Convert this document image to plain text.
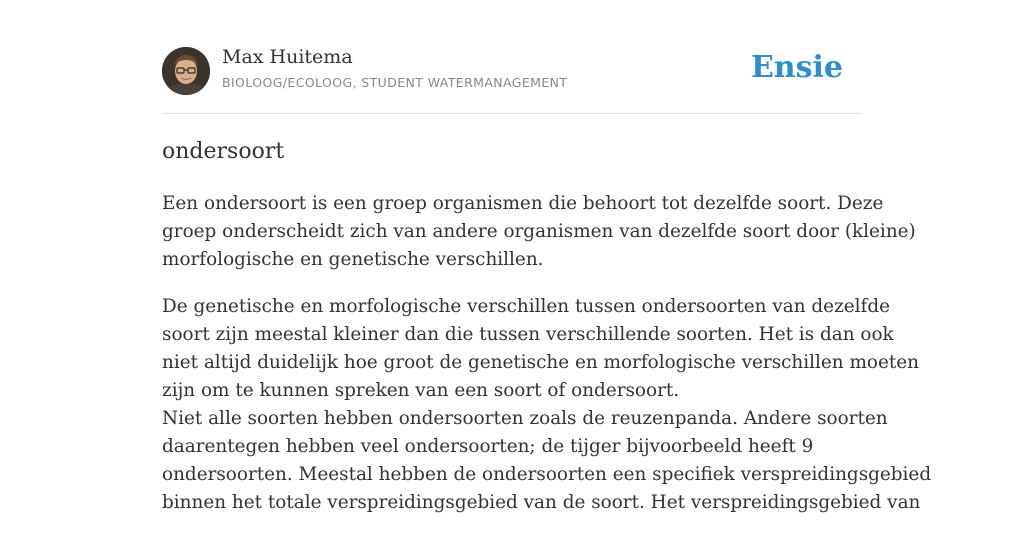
Max Huitema
BIOLOOG/ECOLOOG, STUDENT WATERMANAGEMENT	Ensie
ondersoort

Een ondersoort is een groep organismen die behoort tot dezelfde soort. Deze
groep onderscheidt zich van andere organismen van dezelfde soort door (kleine)
morfologische en genetische verschillen.

De genetische en morfologische verschillen tussen ondersoorten van dezelfde
soort zijn meestal kleiner dan die tussen verschillende soorten. Het is dan ook
niet altijd duidelijk hoe groot de genetische en morfologische verschillen moeten
zijn om te kunnen spreken van een soort of ondersoort.
Niet alle soorten hebben ondersoorten zoals de reuzenpanda. Andere soorten
daarentegen hebben veel ondersoorten; de tijger bijvoorbeeld heeft 9
ondersoorten. Meestal hebben de ondersoorten een specifiek verspreidingsgebied
binnen het totale verspreidingsgebied van de soort. Het verspreidingsgebied van
